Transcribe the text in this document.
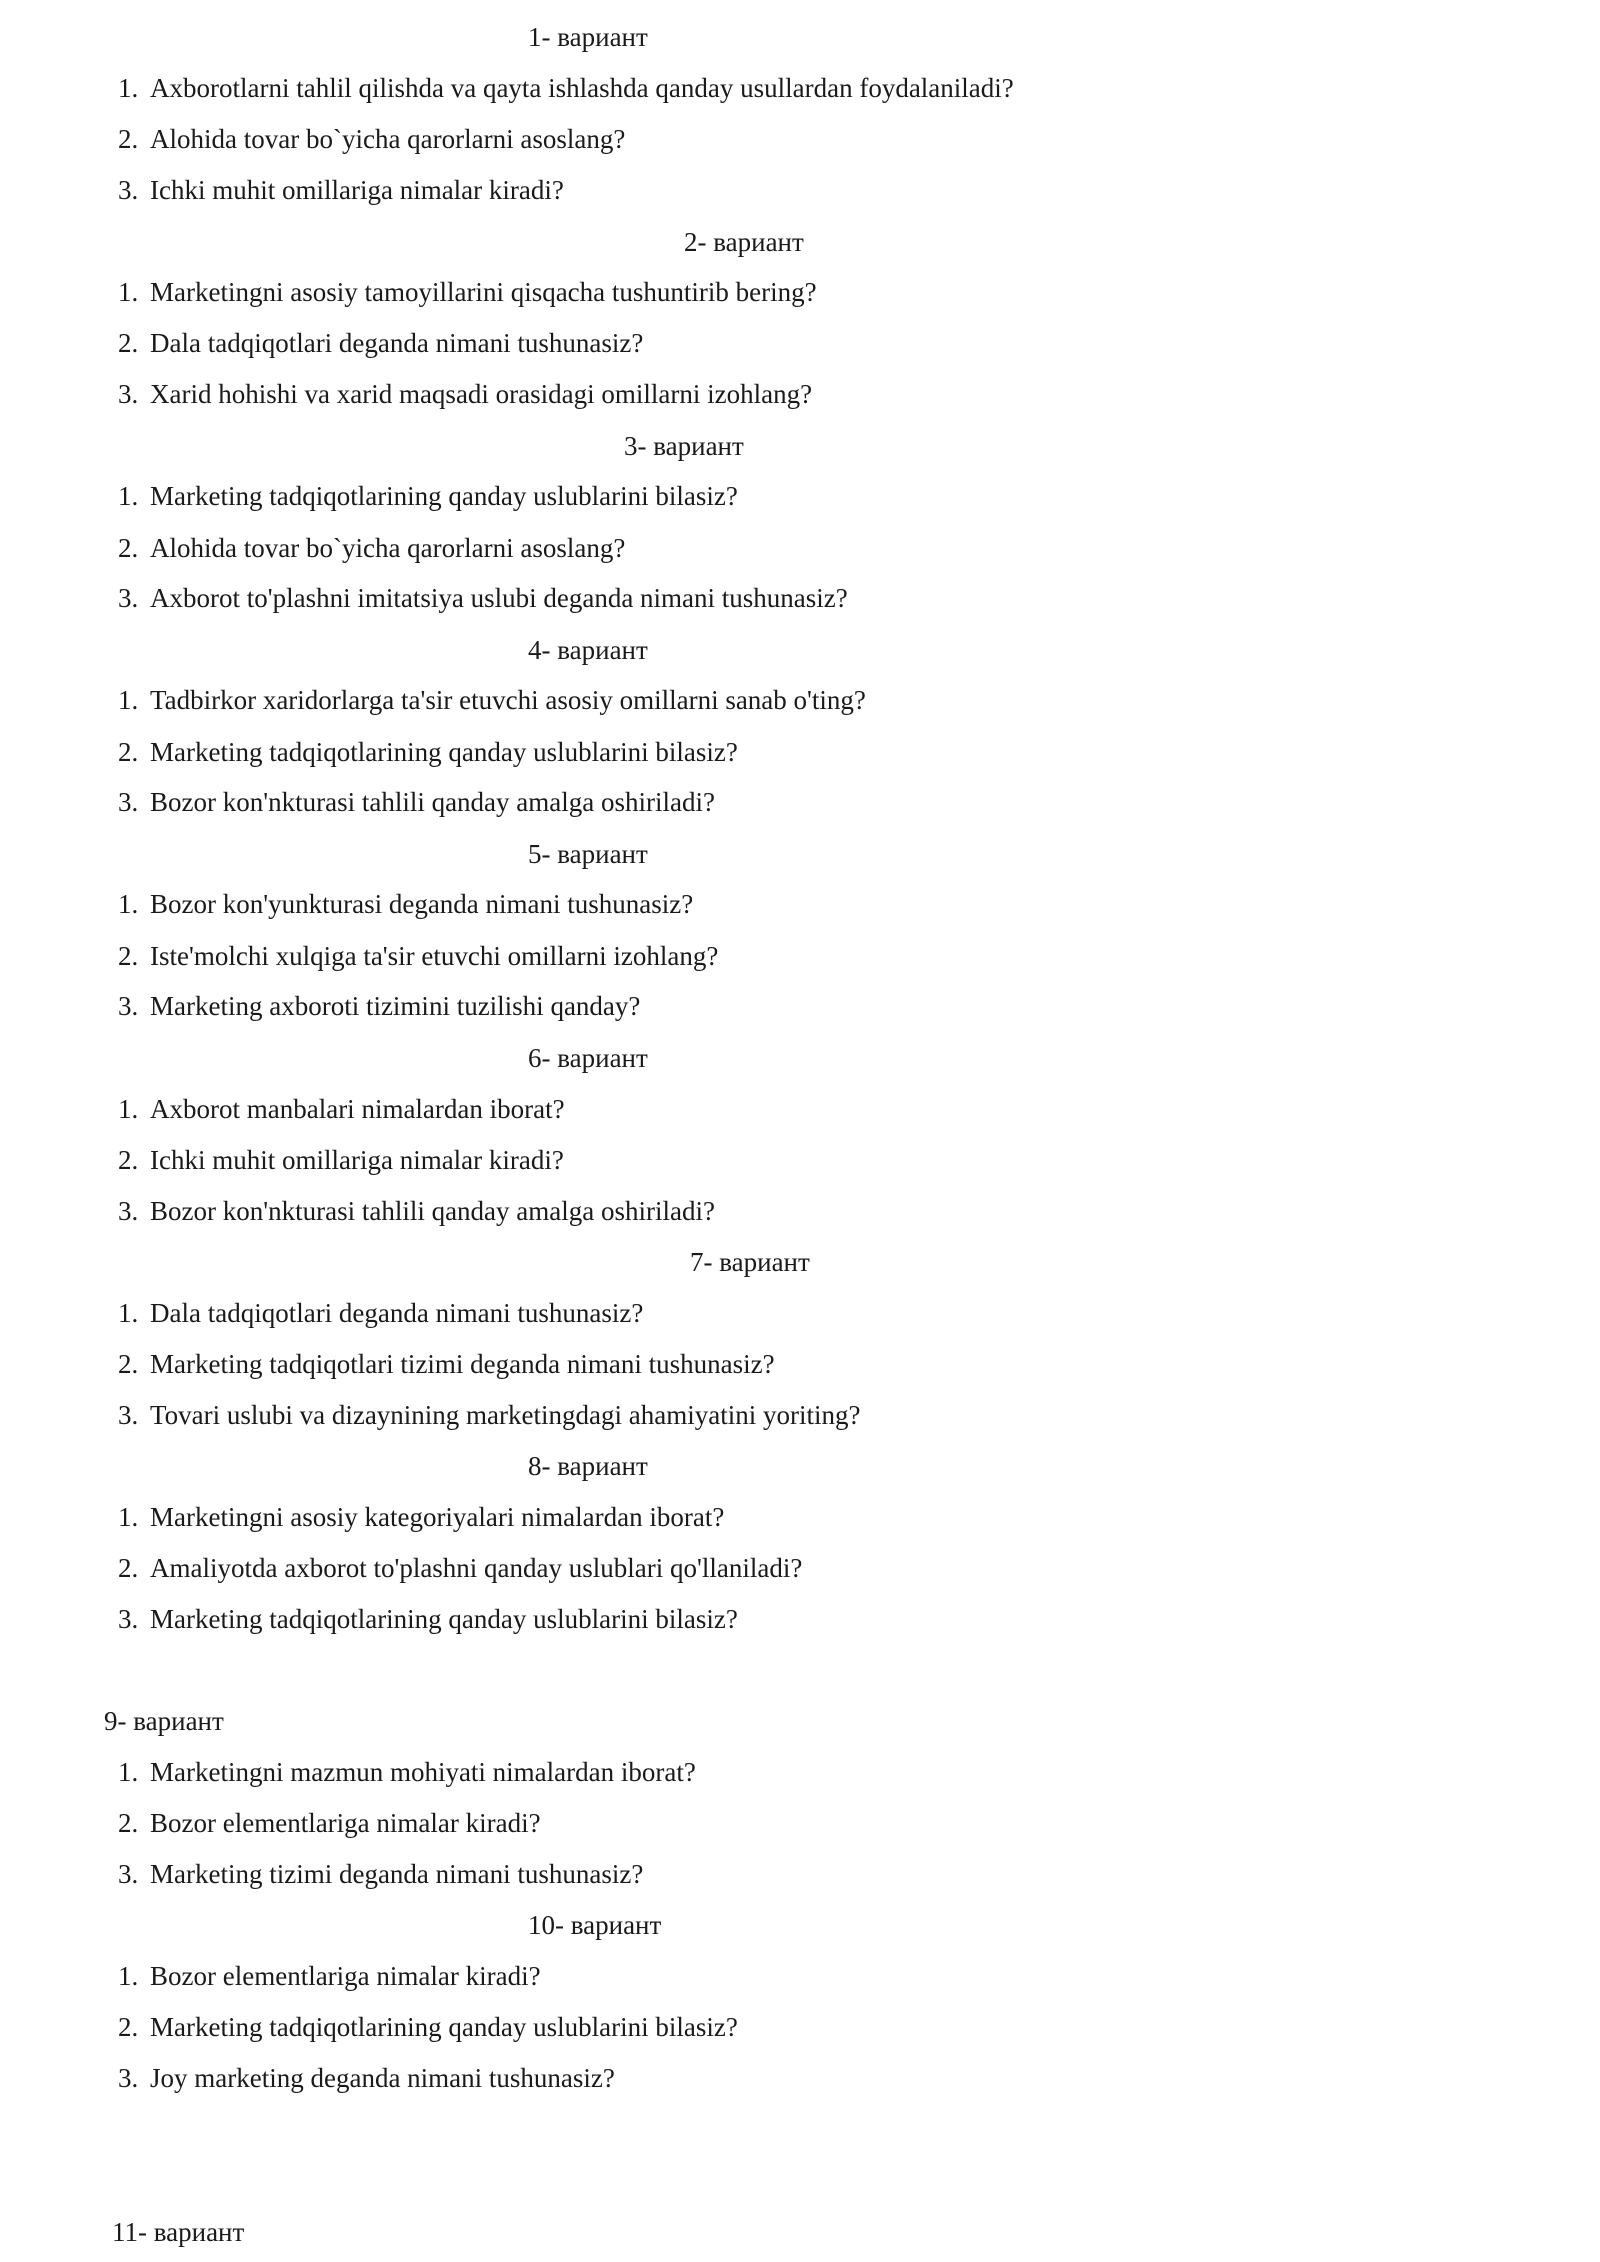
1- вариант
1. Axborotlarni tahlil qilishda va qayta ishlashda qanday usullardan foydalaniladi?
2. Alohida tovar bo`yicha qarorlarni asoslang?
3. Ichki muhit omillariga nimalar kiradi?
2- вариант
1. Marketingni asosiy tamoyillarini qisqacha tushuntirib bering?
2. Dala tadqiqotlari deganda nimani tushunasiz?
3. Xarid hohishi va xarid maqsadi orasidagi omillarni izohlang?
3- вариант
1. Marketing tadqiqotlarining qanday uslublarini bilasiz?
2. Alohida tovar bo`yicha qarorlarni asoslang?
3. Axborot to'plashni imitatsiya uslubi deganda nimani tushunasiz?
4- вариант
1. Tadbirkor xaridorlarga ta'sir etuvchi asosiy omillarni sanab o'ting?
2. Marketing tadqiqotlarining qanday uslublarini bilasiz?
3. Bozor kon'nkturasi tahlili qanday amalga oshiriladi?
5- вариант
1. Bozor kon'yunkturasi deganda nimani tushunasiz?
2. Iste'molchi xulqiga ta'sir etuvchi omillarni izohlang?
3. Marketing axboroti tizimini tuzilishi qanday?
6- вариант
1. Axborot manbalari nimalardan iborat?
2. Ichki muhit omillariga nimalar kiradi?
3. Bozor kon'nkturasi tahlili qanday amalga oshiriladi?
7- вариант
1. Dala tadqiqotlari deganda nimani tushunasiz?
2. Marketing tadqiqotlari tizimi deganda nimani tushunasiz?
3. Tovari uslubi va dizaynining marketingdagi ahamiyatini yoriting?
8- вариант
1. Marketingni asosiy kategoriyalari nimalardan iborat?
2. Amaliyotda axborot to'plashni qanday uslublari qo'llaniladi?
3. Marketing tadqiqotlarining qanday uslublarini bilasiz?
9- вариант
1. Marketingni mazmun mohiyati nimalardan iborat?
2. Bozor elementlariga nimalar kiradi?
3. Marketing tizimi deganda nimani tushunasiz?
10- вариант
1. Bozor elementlariga nimalar kiradi?
2. Marketing tadqiqotlarining qanday uslublarini bilasiz?
3. Joy marketing deganda nimani tushunasiz?
11- вариант
